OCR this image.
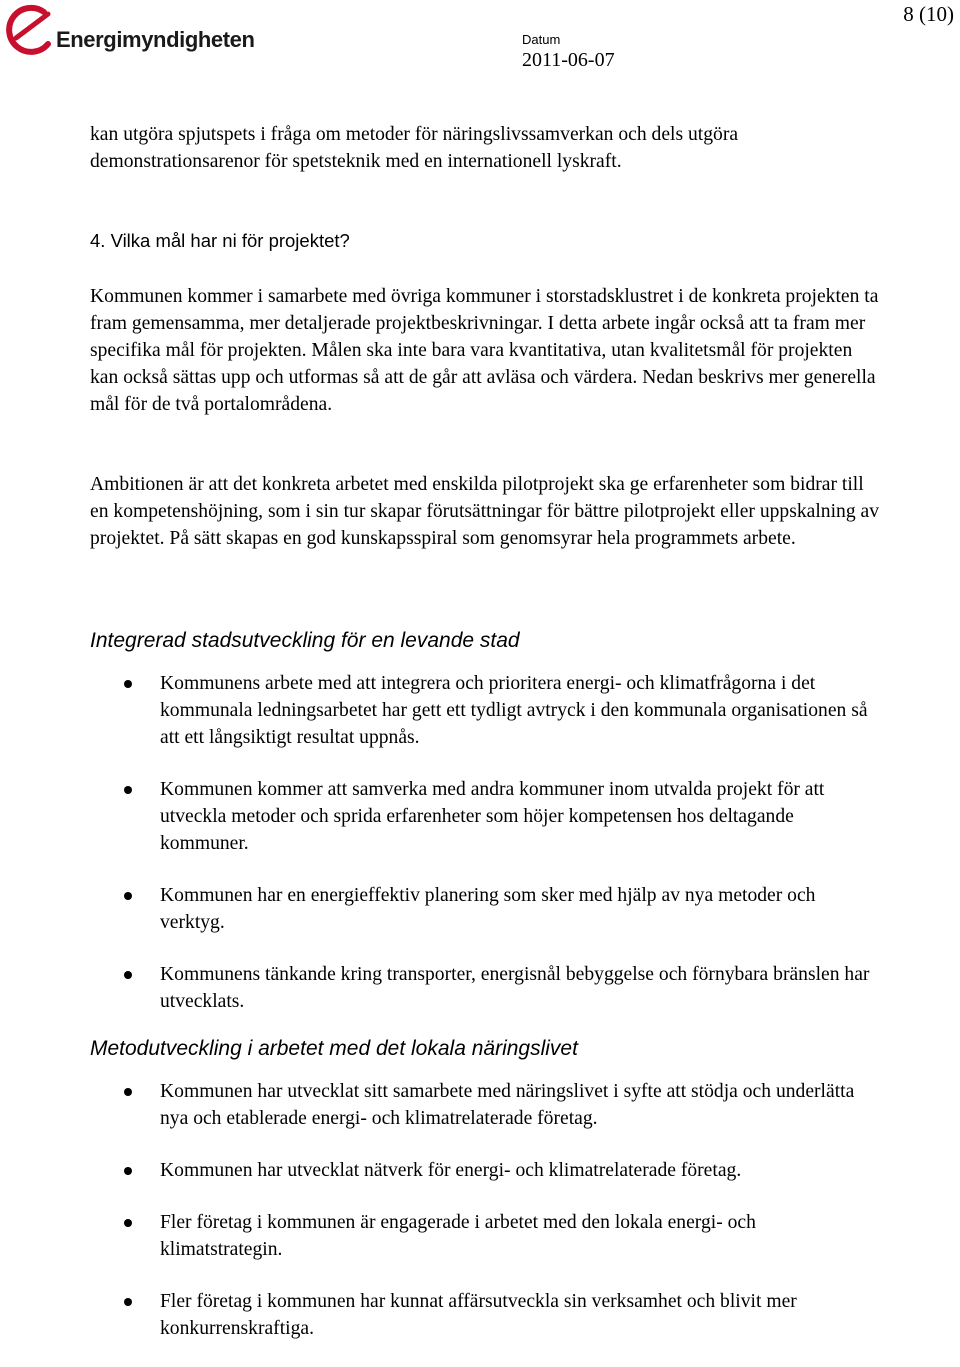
Energimyndigheten
8 (10)
Datum
2011-06-07

kan utgöra spjutspets i fråga om metoder för näringslivssamverkan och dels utgöra demonstrationsarenor för spetsteknik med en internationell lyskraft.

4. Vilka mål har ni för projektet?

Kommunen kommer i samarbete med övriga kommuner i storstadsklustret i de konkreta projekten ta fram gemensamma, mer detaljerade projektbeskrivningar. I detta arbete ingår också att ta fram mer specifika mål för projekten. Målen ska inte bara vara kvantitativa, utan kvalitetsmål för projekten kan också sättas upp och utformas så att de går att avläsa och värdera. Nedan beskrivs mer generella mål för de två portalområdena.

Ambitionen är att det konkreta arbetet med enskilda pilotprojekt ska ge erfarenheter som bidrar till en kompetenshöjning, som i sin tur skapar förutsättningar för bättre pilotprojekt eller uppskalning av projektet. På sätt skapas en god kunskapsspiral som genomsyrar hela programmets arbete.

Integrerad stadsutveckling för en levande stad
Kommunens arbete med att integrera och prioritera energi- och klimatfrågorna i det kommunala ledningsarbetet har gett ett tydligt avtryck i den kommunala organisationen så att ett långsiktigt resultat uppnås.
Kommunen kommer att samverka med andra kommuner inom utvalda projekt för att utveckla metoder och sprida erfarenheter som höjer kompetensen hos deltagande kommuner.
Kommunen har en energieffektiv planering som sker med hjälp av nya metoder och verktyg.
Kommunens tänkande kring transporter, energisnål bebyggelse och förnybara bränslen har utvecklats.
Metodutveckling i arbetet med det lokala näringslivet
Kommunen har utvecklat sitt samarbete med näringslivet i syfte att stödja och underlätta nya och etablerade energi- och klimatrelaterade företag.
Kommunen har utvecklat nätverk för energi- och klimatrelaterade företag.
Fler företag i kommunen är engagerade i arbetet med den lokala energi- och klimatstrategin.
Fler företag i kommunen har kunnat affärsutveckla sin verksamhet och blivit mer konkurrenskraftiga.
